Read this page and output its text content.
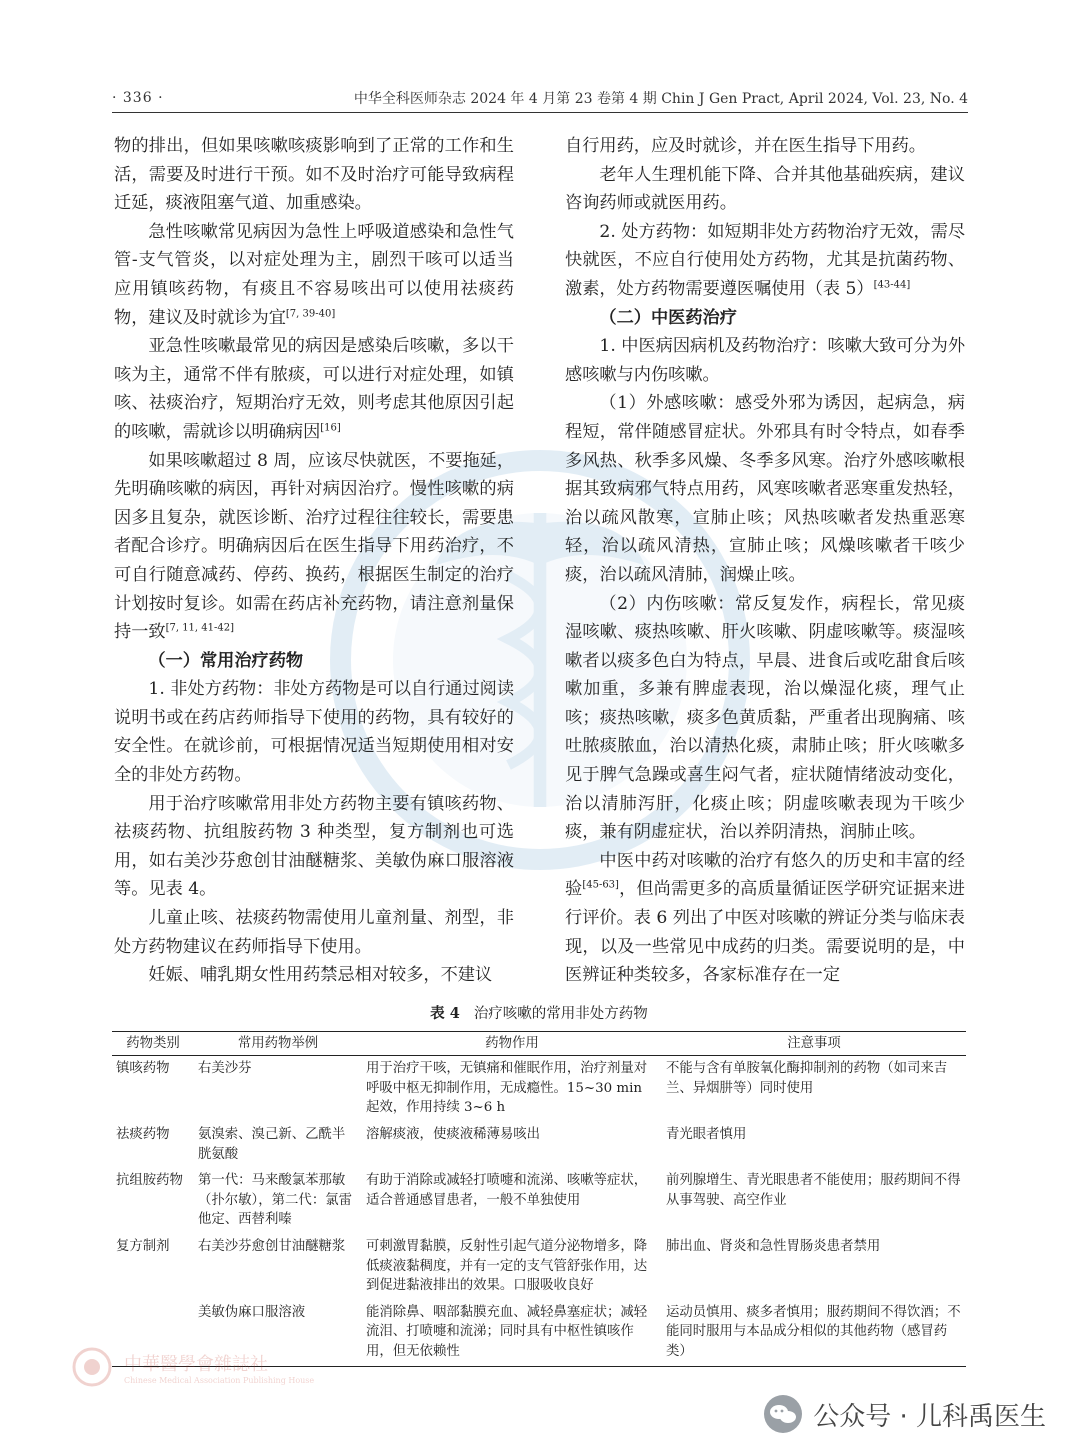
· 336 ·	中华全科医师杂志 2024 年 4 月第 23 卷第 4 期 Chin J Gen Pract, April 2024, Vol. 23, No. 4

物的排出，但如果咳嗽咳痰影响到了正常的工作和生活，需要及时进行干预。如不及时治疗可能导致病程迁延，痰液阻塞气道、加重感染。

急性咳嗽常见病因为急性上呼吸道感染和急性气管-支气管炎，以对症处理为主，剧烈干咳可以适当应用镇咳药物，有痰且不容易咳出可以使用祛痰药物，建议及时就诊为宜[7, 39-40]

亚急性咳嗽最常见的病因是感染后咳嗽，多以干咳为主，通常不伴有脓痰，可以进行对症处理，如镇咳、祛痰治疗，短期治疗无效，则考虑其他原因引起的咳嗽，需就诊以明确病因[16]

如果咳嗽超过 8 周，应该尽快就医，不要拖延，先明确咳嗽的病因，再针对病因治疗。慢性咳嗽的病因多且复杂，就医诊断、治疗过程往往较长，需要患者配合诊疗。明确病因后在医生指导下用药治疗，不可自行随意减药、停药、换药，根据医生制定的治疗计划按时复诊。如需在药店补充药物，请注意剂量保持一致[7, 11, 41-42]

（一）常用治疗药物

1. 非处方药物：非处方药物是可以自行通过阅读说明书或在药店药师指导下使用的药物，具有较好的安全性。在就诊前，可根据情况适当短期使用相对安全的非处方药物。

用于治疗咳嗽常用非处方药物主要有镇咳药物、祛痰药物、抗组胺药物 3 种类型，复方制剂也可选用，如右美沙芬愈创甘油醚糖浆、美敏伪麻口服溶液等。见表 4。

儿童止咳、祛痰药物需使用儿童剂量、剂型，非处方药物建议在药师指导下使用。

妊娠、哺乳期女性用药禁忌相对较多，不建议

自行用药，应及时就诊，并在医生指导下用药。

老年人生理机能下降、合并其他基础疾病，建议咨询药师或就医用药。

2. 处方药物：如短期非处方药物治疗无效，需尽快就医，不应自行使用处方药物，尤其是抗菌药物、激素，处方药物需要遵医嘱使用（表 5）[43-44]

（二）中医药治疗

1. 中医病因病机及药物治疗：咳嗽大致可分为外感咳嗽与内伤咳嗽。

（1）外感咳嗽：感受外邪为诱因，起病急，病程短，常伴随感冒症状。外邪具有时令特点，如春季多风热、秋季多风燥、冬季多风寒。治疗外感咳嗽根据其致病邪气特点用药，风寒咳嗽者恶寒重发热轻，治以疏风散寒，宣肺止咳；风热咳嗽者发热重恶寒轻，治以疏风清热，宣肺止咳；风燥咳嗽者干咳少痰，治以疏风清肺，润燥止咳。

（2）内伤咳嗽：常反复发作，病程长，常见痰湿咳嗽、痰热咳嗽、肝火咳嗽、阴虚咳嗽等。痰湿咳嗽者以痰多色白为特点，早晨、进食后或吃甜食后咳嗽加重，多兼有脾虚表现，治以燥湿化痰，理气止咳；痰热咳嗽，痰多色黄质黏，严重者出现胸痛、咳吐脓痰脓血，治以清热化痰，肃肺止咳；肝火咳嗽多见于脾气急躁或喜生闷气者，症状随情绪波动变化，治以清肺泻肝，化痰止咳；阴虚咳嗽表现为干咳少痰，兼有阴虚症状，治以养阴清热，润肺止咳。

中医中药对咳嗽的治疗有悠久的历史和丰富的经验[45-63]，但尚需更多的高质量循证医学研究证据来进行评价。表 6 列出了中医对咳嗽的辨证分类与临床表现，以及一些常见中成药的归类。需要说明的是，中医辨证种类较多，各家标准存在一定

表 4 治疗咳嗽的常用非处方药物
药物类别	常用药物举例	药物作用	注意事项
镇咳药物	右美沙芬	用于治疗干咳，无镇痛和催眠作用，治疗剂量对呼吸中枢无抑制作用，无成瘾性。15~30 min 起效，作用持续 3~6 h	不能与含有单胺氧化酶抑制剂的药物（如司来吉兰、异烟肼等）同时使用
祛痰药物	氨溴索、溴己新、乙酰半胱氨酸	溶解痰液，使痰液稀薄易咳出	青光眼者慎用
抗组胺药物	第一代：马来酸氯苯那敏（扑尔敏），第二代：氯雷他定、西替利嗪	有助于消除或减轻打喷嚏和流涕、咳嗽等症状，适合普通感冒患者，一般不单独使用	前列腺增生、青光眼患者不能使用；服药期间不得从事驾驶、高空作业
复方制剂	右美沙芬愈创甘油醚糖浆	可刺激胃黏膜，反射性引起气道分泌物增多，降低痰液黏稠度，并有一定的支气管舒张作用，达到促进黏液排出的效果。口服吸收良好	肺出血、肾炎和急性胃肠炎患者禁用
	美敏伪麻口服溶液	能消除鼻、咽部黏膜充血、减轻鼻塞症状；减轻流泪、打喷嚏和流涕；同时具有中枢性镇咳作用，但无依赖性	运动员慎用、痰多者慎用；服药期间不得饮酒；不能同时服用与本品成分相似的其他药物（感冒药类）
中華醫學會雜誌社
Chinese Medical Association Publishing House
公众号 · 儿科禹医生
